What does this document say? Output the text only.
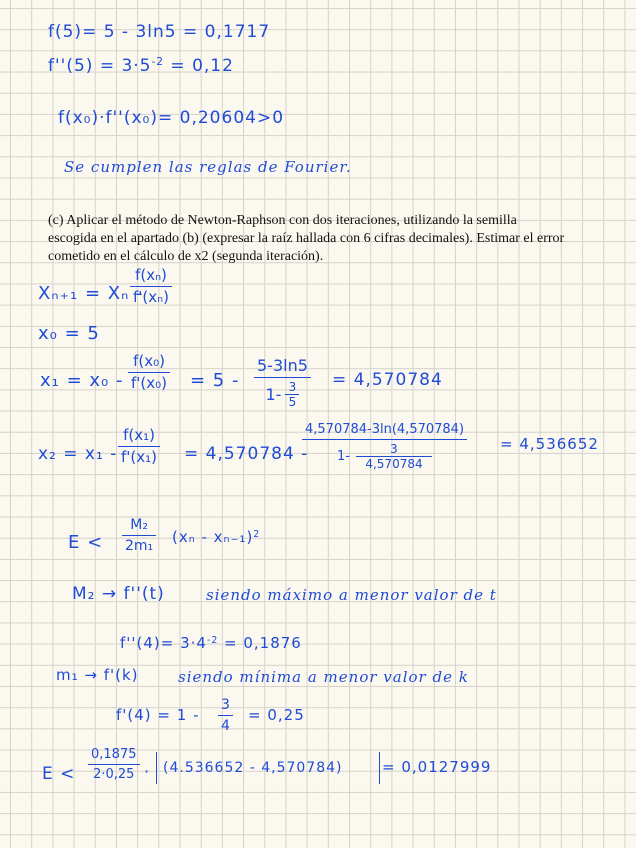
f(5)= 5 - 3ln5 = 0,1717
$f''(5) = 3\cdot 5^{-2} = 0,12$
f(x₀)·f''(x₀)= 0,20604>0
Se cumplen las reglas de Fourier.
(c) Aplicar el método de Newton-Raphson con dos iteraciones, utilizando la semilla escogida en el apartado (b) (expresar la raíz hallada con 6 cifras decimales). Estimar el error cometido en el cálculo de x2 (segunda iteración).
Xₙ₊₁ = Xₙ -
f(xₙ)
f'(xₙ)
x₀ = 5
x₁ = x₀ -
f(x₀)
f'(x₀) = 5 -
5-3ln5
1- 3
5
= 4,570784
x₂ = x₁ -
f(x₁)
f'(x₁) = 4,570784 -
4,570784-3ln(4,570784)
1-	3
4,570784
= 4,536652
E <
M₂
2m₁ (xₙ - xₙ₋₁)$^2$
M₂ → f''(t)	siendo máximo a menor valor de t
$f''(4)= 3\cdot 4^{-2} = 0,1876$
m₁ → f'(k)	siendo mínima a menor valor de k
f'(4) = 1 -
3
4
= 0,25
E <
0,1875
2·0,25 · (4.536652 - 4,570784)	= 0,0127999
